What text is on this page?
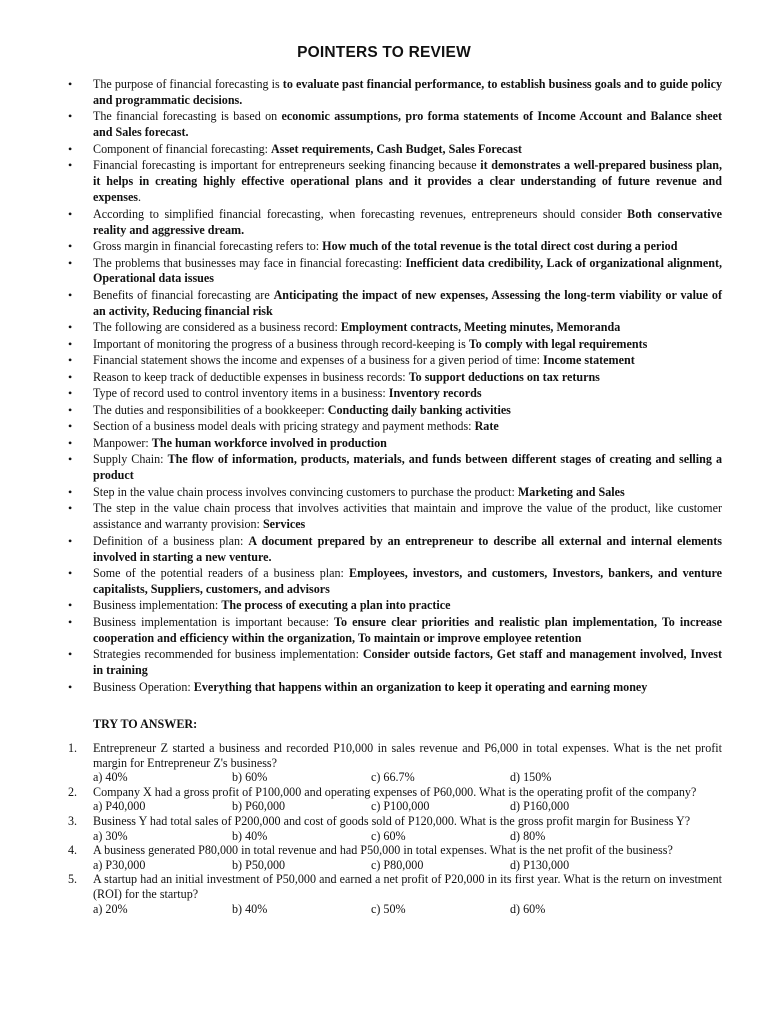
POINTERS TO REVIEW
• The purpose of financial forecasting is to evaluate past financial performance, to establish business goals and to guide policy and programmatic decisions.
• The financial forecasting is based on economic assumptions, pro forma statements of Income Account and Balance sheet and Sales forecast.
• Component of financial forecasting: Asset requirements, Cash Budget, Sales Forecast
• Financial forecasting is important for entrepreneurs seeking financing because it demonstrates a well-prepared business plan, it helps in creating highly effective operational plans and it provides a clear understanding of future revenue and expenses.
• According to simplified financial forecasting, when forecasting revenues, entrepreneurs should consider Both conservative reality and aggressive dream.
• Gross margin in financial forecasting refers to: How much of the total revenue is the total direct cost during a period
• The problems that businesses may face in financial forecasting: Inefficient data credibility, Lack of organizational alignment, Operational data issues
• Benefits of financial forecasting are Anticipating the impact of new expenses, Assessing the long-term viability or value of an activity, Reducing financial risk
• The following are considered as a business record: Employment contracts, Meeting minutes, Memoranda
• Important of monitoring the progress of a business through record-keeping is To comply with legal requirements
• Financial statement shows the income and expenses of a business for a given period of time: Income statement
• Reason to keep track of deductible expenses in business records: To support deductions on tax returns
• Type of record used to control inventory items in a business: Inventory records
• The duties and responsibilities of a bookkeeper: Conducting daily banking activities
• Section of a business model deals with pricing strategy and payment methods: Rate
• Manpower: The human workforce involved in production
• Supply Chain: The flow of information, products, materials, and funds between different stages of creating and selling a product
• Step in the value chain process involves convincing customers to purchase the product: Marketing and Sales
• The step in the value chain process that involves activities that maintain and improve the value of the product, like customer assistance and warranty provision: Services
• Definition of a business plan: A document prepared by an entrepreneur to describe all external and internal elements involved in starting a new venture.
• Some of the potential readers of a business plan: Employees, investors, and customers, Investors, bankers, and venture capitalists, Suppliers, customers, and advisors
• Business implementation: The process of executing a plan into practice
• Business implementation is important because: To ensure clear priorities and realistic plan implementation, To increase cooperation and efficiency within the organization, To maintain or improve employee retention
• Strategies recommended for business implementation: Consider outside factors, Get staff and management involved, Invest in training
• Business Operation: Everything that happens within an organization to keep it operating and earning money
TRY TO ANSWER:
1. Entrepreneur Z started a business and recorded P10,000 in sales revenue and P6,000 in total expenses. What is the net profit margin for Entrepreneur Z's business?
a) 40%	b) 60%	c) 66.7%	d) 150%
2. Company X had a gross profit of P100,000 and operating expenses of P60,000. What is the operating profit of the company?
a) P40,000	b) P60,000	c) P100,000	d) P160,000
3. Business Y had total sales of P200,000 and cost of goods sold of P120,000. What is the gross profit margin for Business Y?
a) 30%	b) 40%	c) 60%	d) 80%
4. A business generated P80,000 in total revenue and had P50,000 in total expenses. What is the net profit of the business?
a) P30,000	b) P50,000	c) P80,000	d) P130,000
5. A startup had an initial investment of P50,000 and earned a net profit of P20,000 in its first year. What is the return on investment (ROI) for the startup?
a) 20%	b) 40%	c) 50%	d) 60%
